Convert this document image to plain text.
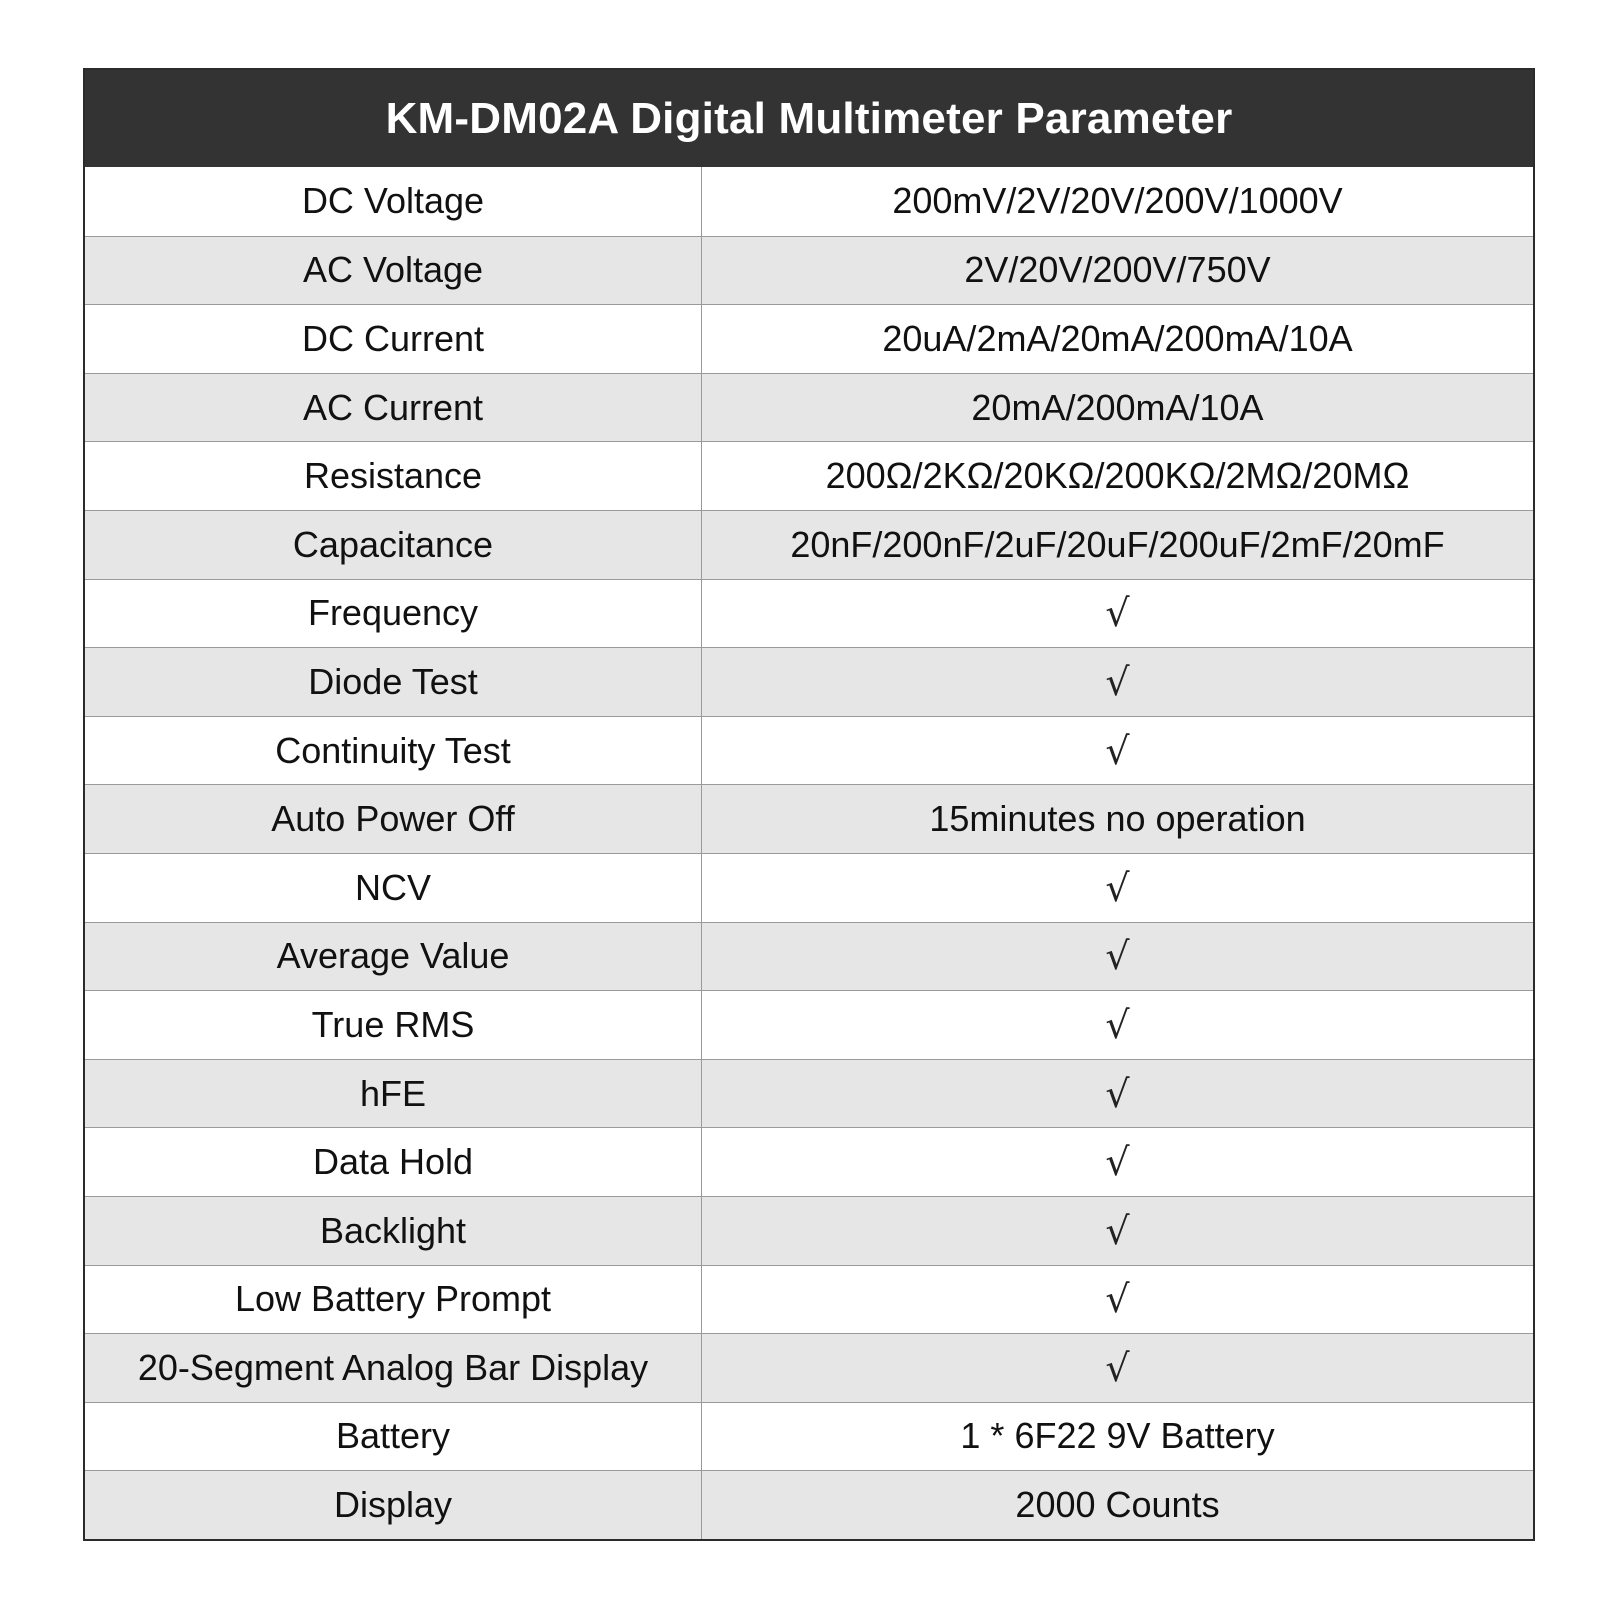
KM-DM02A Digital Multimeter Parameter
DC Voltage	200mV/2V/20V/200V/1000V
AC Voltage	2V/20V/200V/750V
DC Current	20uA/2mA/20mA/200mA/10A
AC Current	20mA/200mA/10A
Resistance	200Ω/2KΩ/20KΩ/200KΩ/2MΩ/20MΩ
Capacitance	20nF/200nF/2uF/20uF/200uF/2mF/20mF
Frequency	√
Diode Test	√
Continuity Test	√
Auto Power Off	15minutes no operation
NCV	√
Average Value	√
True RMS	√
hFE	√
Data Hold	√
Backlight	√
Low Battery Prompt	√
20-Segment Analog Bar Display	√
Battery	1 * 6F22 9V Battery
Display	2000 Counts
